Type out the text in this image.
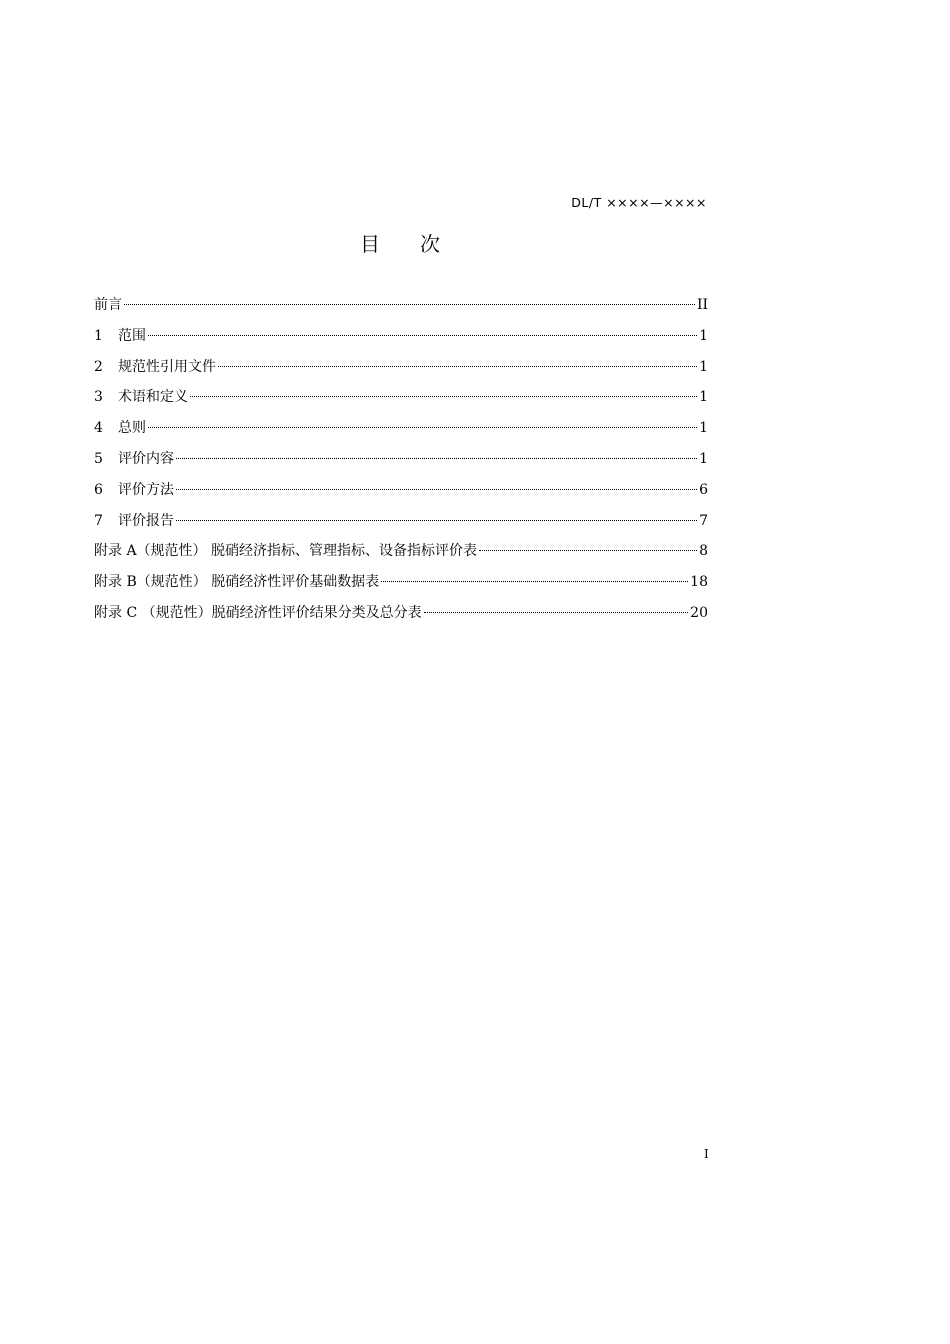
DL/T ××××—××××
目　　次
前言	II
1	范围	1
2	规范性引用文件	1
3	术语和定义	1
4	总则	1
5	评价内容	1
6	评价方法	6
7	评价报告	7
附录 A（规范性） 脱硝经济指标、管理指标、设备指标评价表	8
附录 B（规范性） 脱硝经济性评价基础数据表	18
附录 C （规范性）脱硝经济性评价结果分类及总分表	20
I
